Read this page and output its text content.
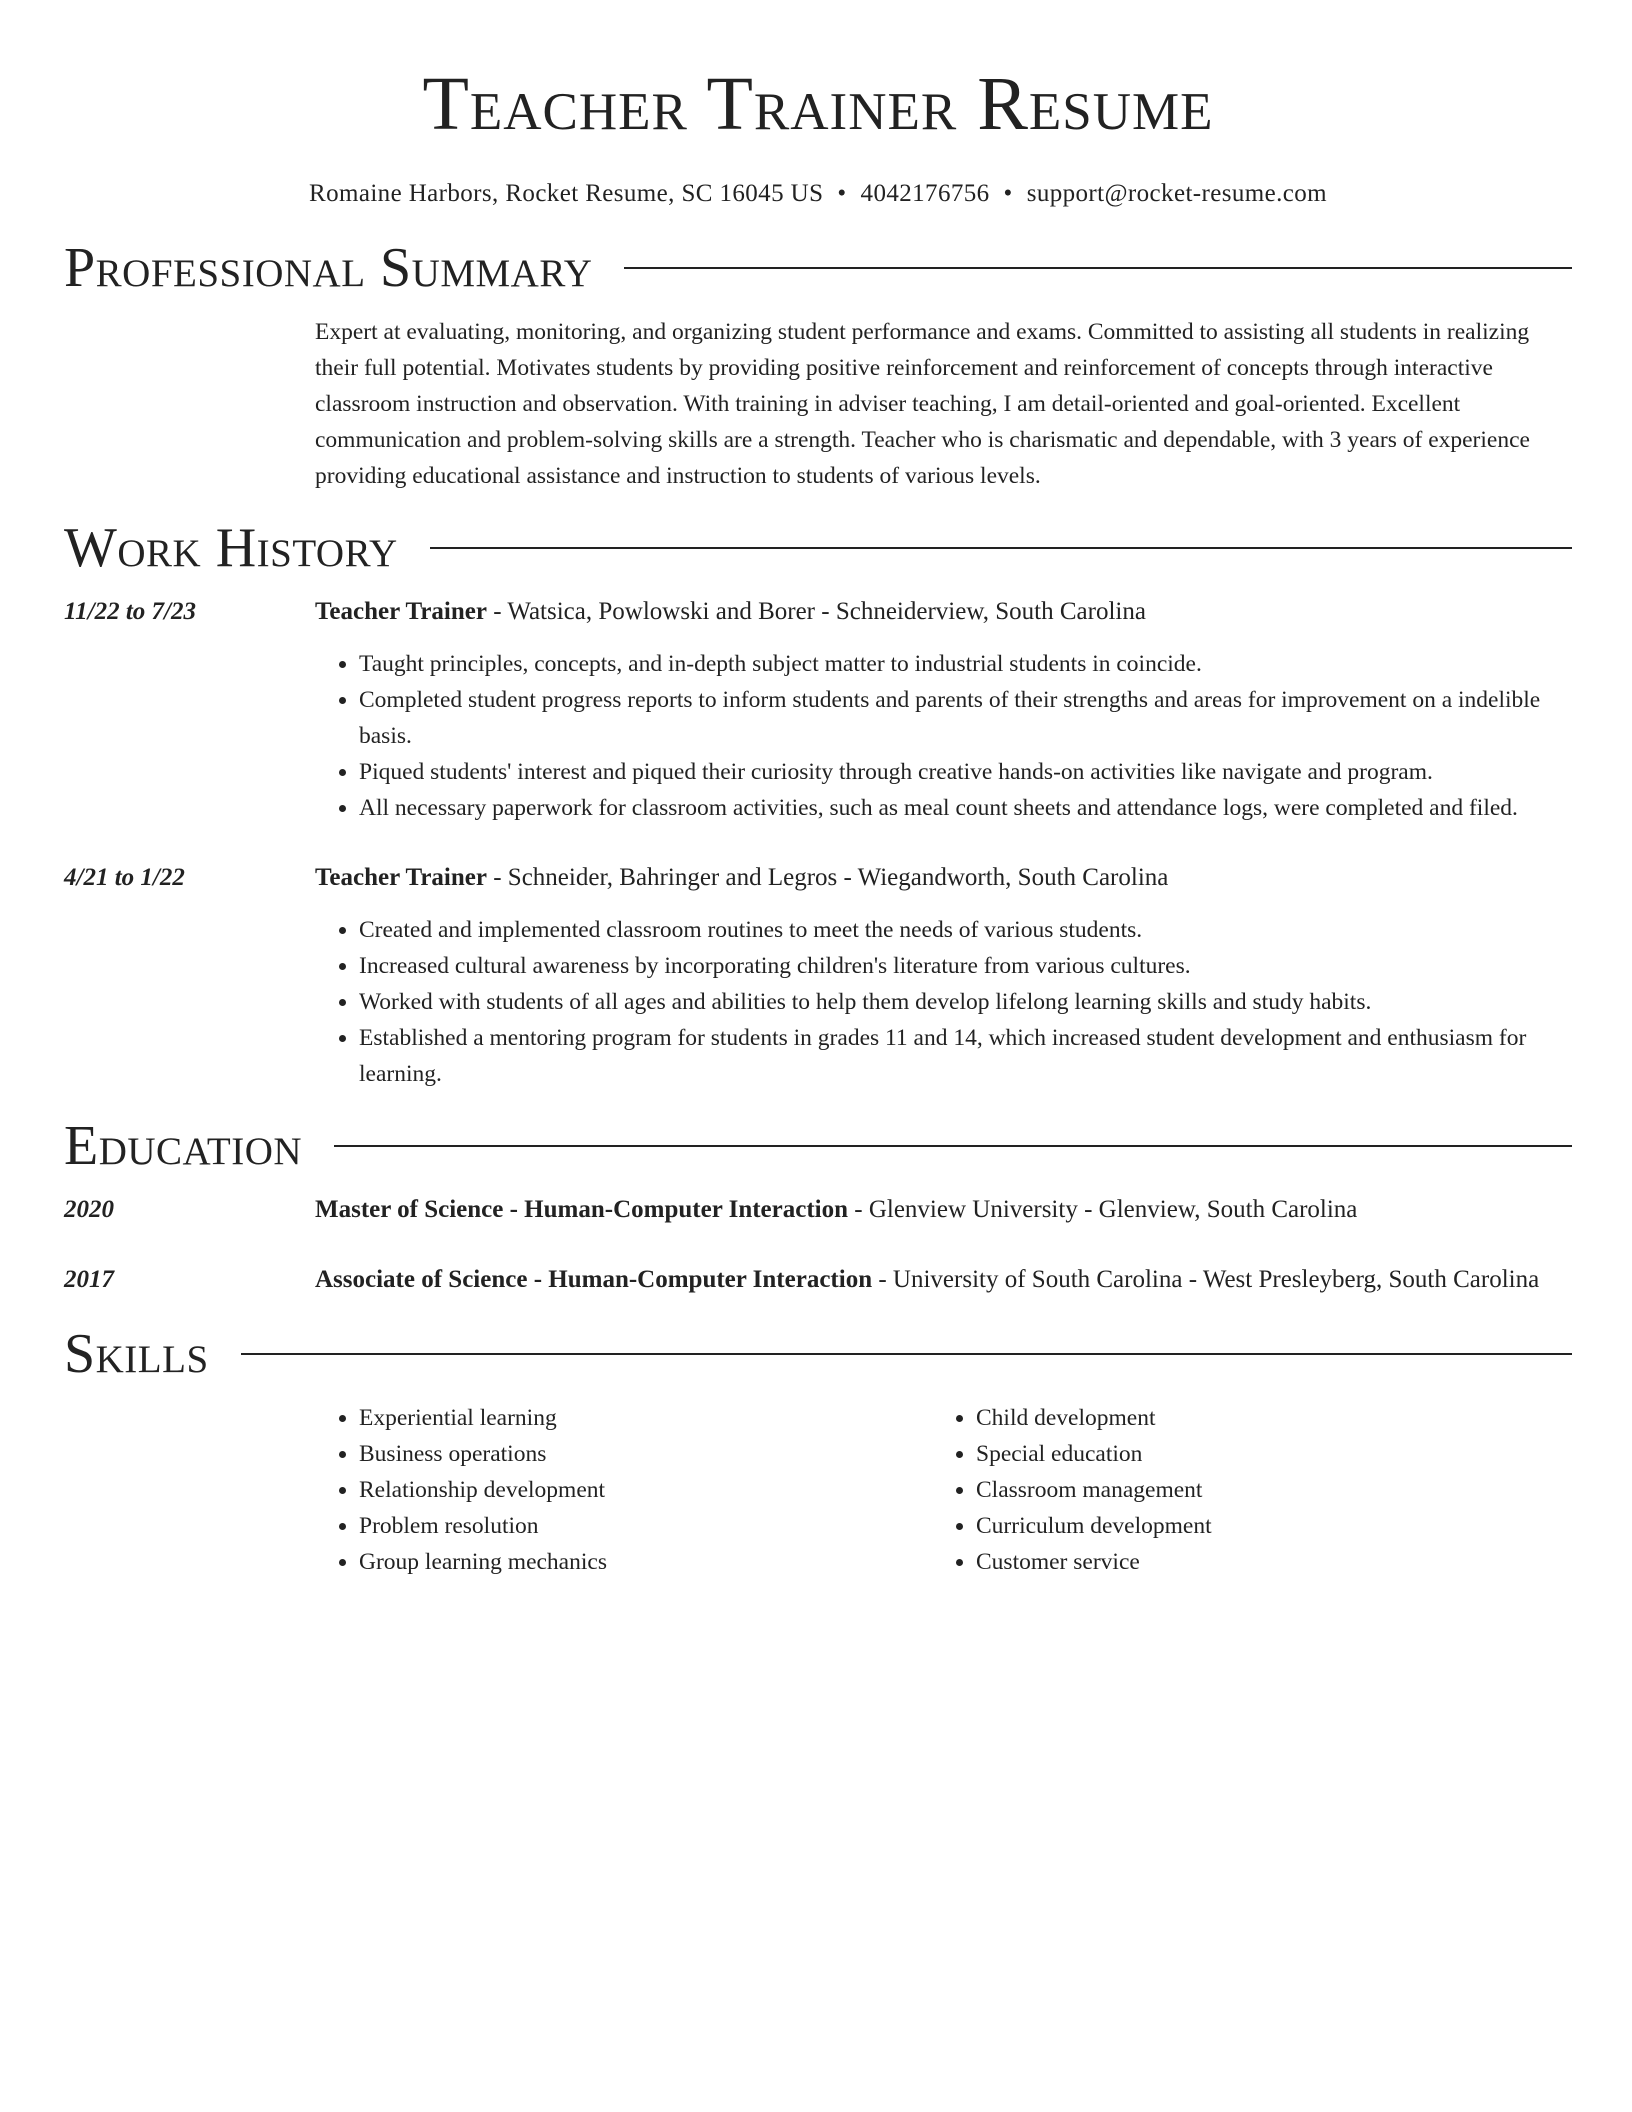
Teacher Trainer Resume
Romaine Harbors, Rocket Resume, SC 16045 US • 4042176756 • support@rocket-resume.com
Professional Summary

Expert at evaluating, monitoring, and organizing student performance and exams. Committed to assisting all students in realizing their full potential. Motivates students by providing positive reinforcement and reinforcement of concepts through interactive classroom instruction and observation. With training in adviser teaching, I am detail-oriented and goal-oriented. Excellent communication and problem-solving skills are a strength. Teacher who is charismatic and dependable, with 3 years of experience providing educational assistance and instruction to students of various levels.

Work History
11/22 to 7/23	Teacher Trainer - Watsica, Powlowski and Borer - Schneiderview, South Carolina
• Taught principles, concepts, and in-depth subject matter to industrial students in coincide.
• Completed student progress reports to inform students and parents of their strengths and areas for improvement on a indelible basis.
• Piqued students' interest and piqued their curiosity through creative hands-on activities like navigate and program.
• All necessary paperwork for classroom activities, such as meal count sheets and attendance logs, were completed and filed.
4/21 to 1/22	Teacher Trainer - Schneider, Bahringer and Legros - Wiegandworth, South Carolina
• Created and implemented classroom routines to meet the needs of various students.
• Increased cultural awareness by incorporating children's literature from various cultures.
• Worked with students of all ages and abilities to help them develop lifelong learning skills and study habits.
• Established a mentoring program for students in grades 11 and 14, which increased student development and enthusiasm for learning.
Education
2020	Master of Science - Human-Computer Interaction - Glenview University - Glenview, South Carolina
2017	Associate of Science - Human-Computer Interaction - University of South Carolina - West Presleyberg, South Carolina
Skills
• Experiential learning
• Business operations
• Relationship development
• Problem resolution
• Group learning mechanics
• Child development
• Special education
• Classroom management
• Curriculum development
• Customer service
